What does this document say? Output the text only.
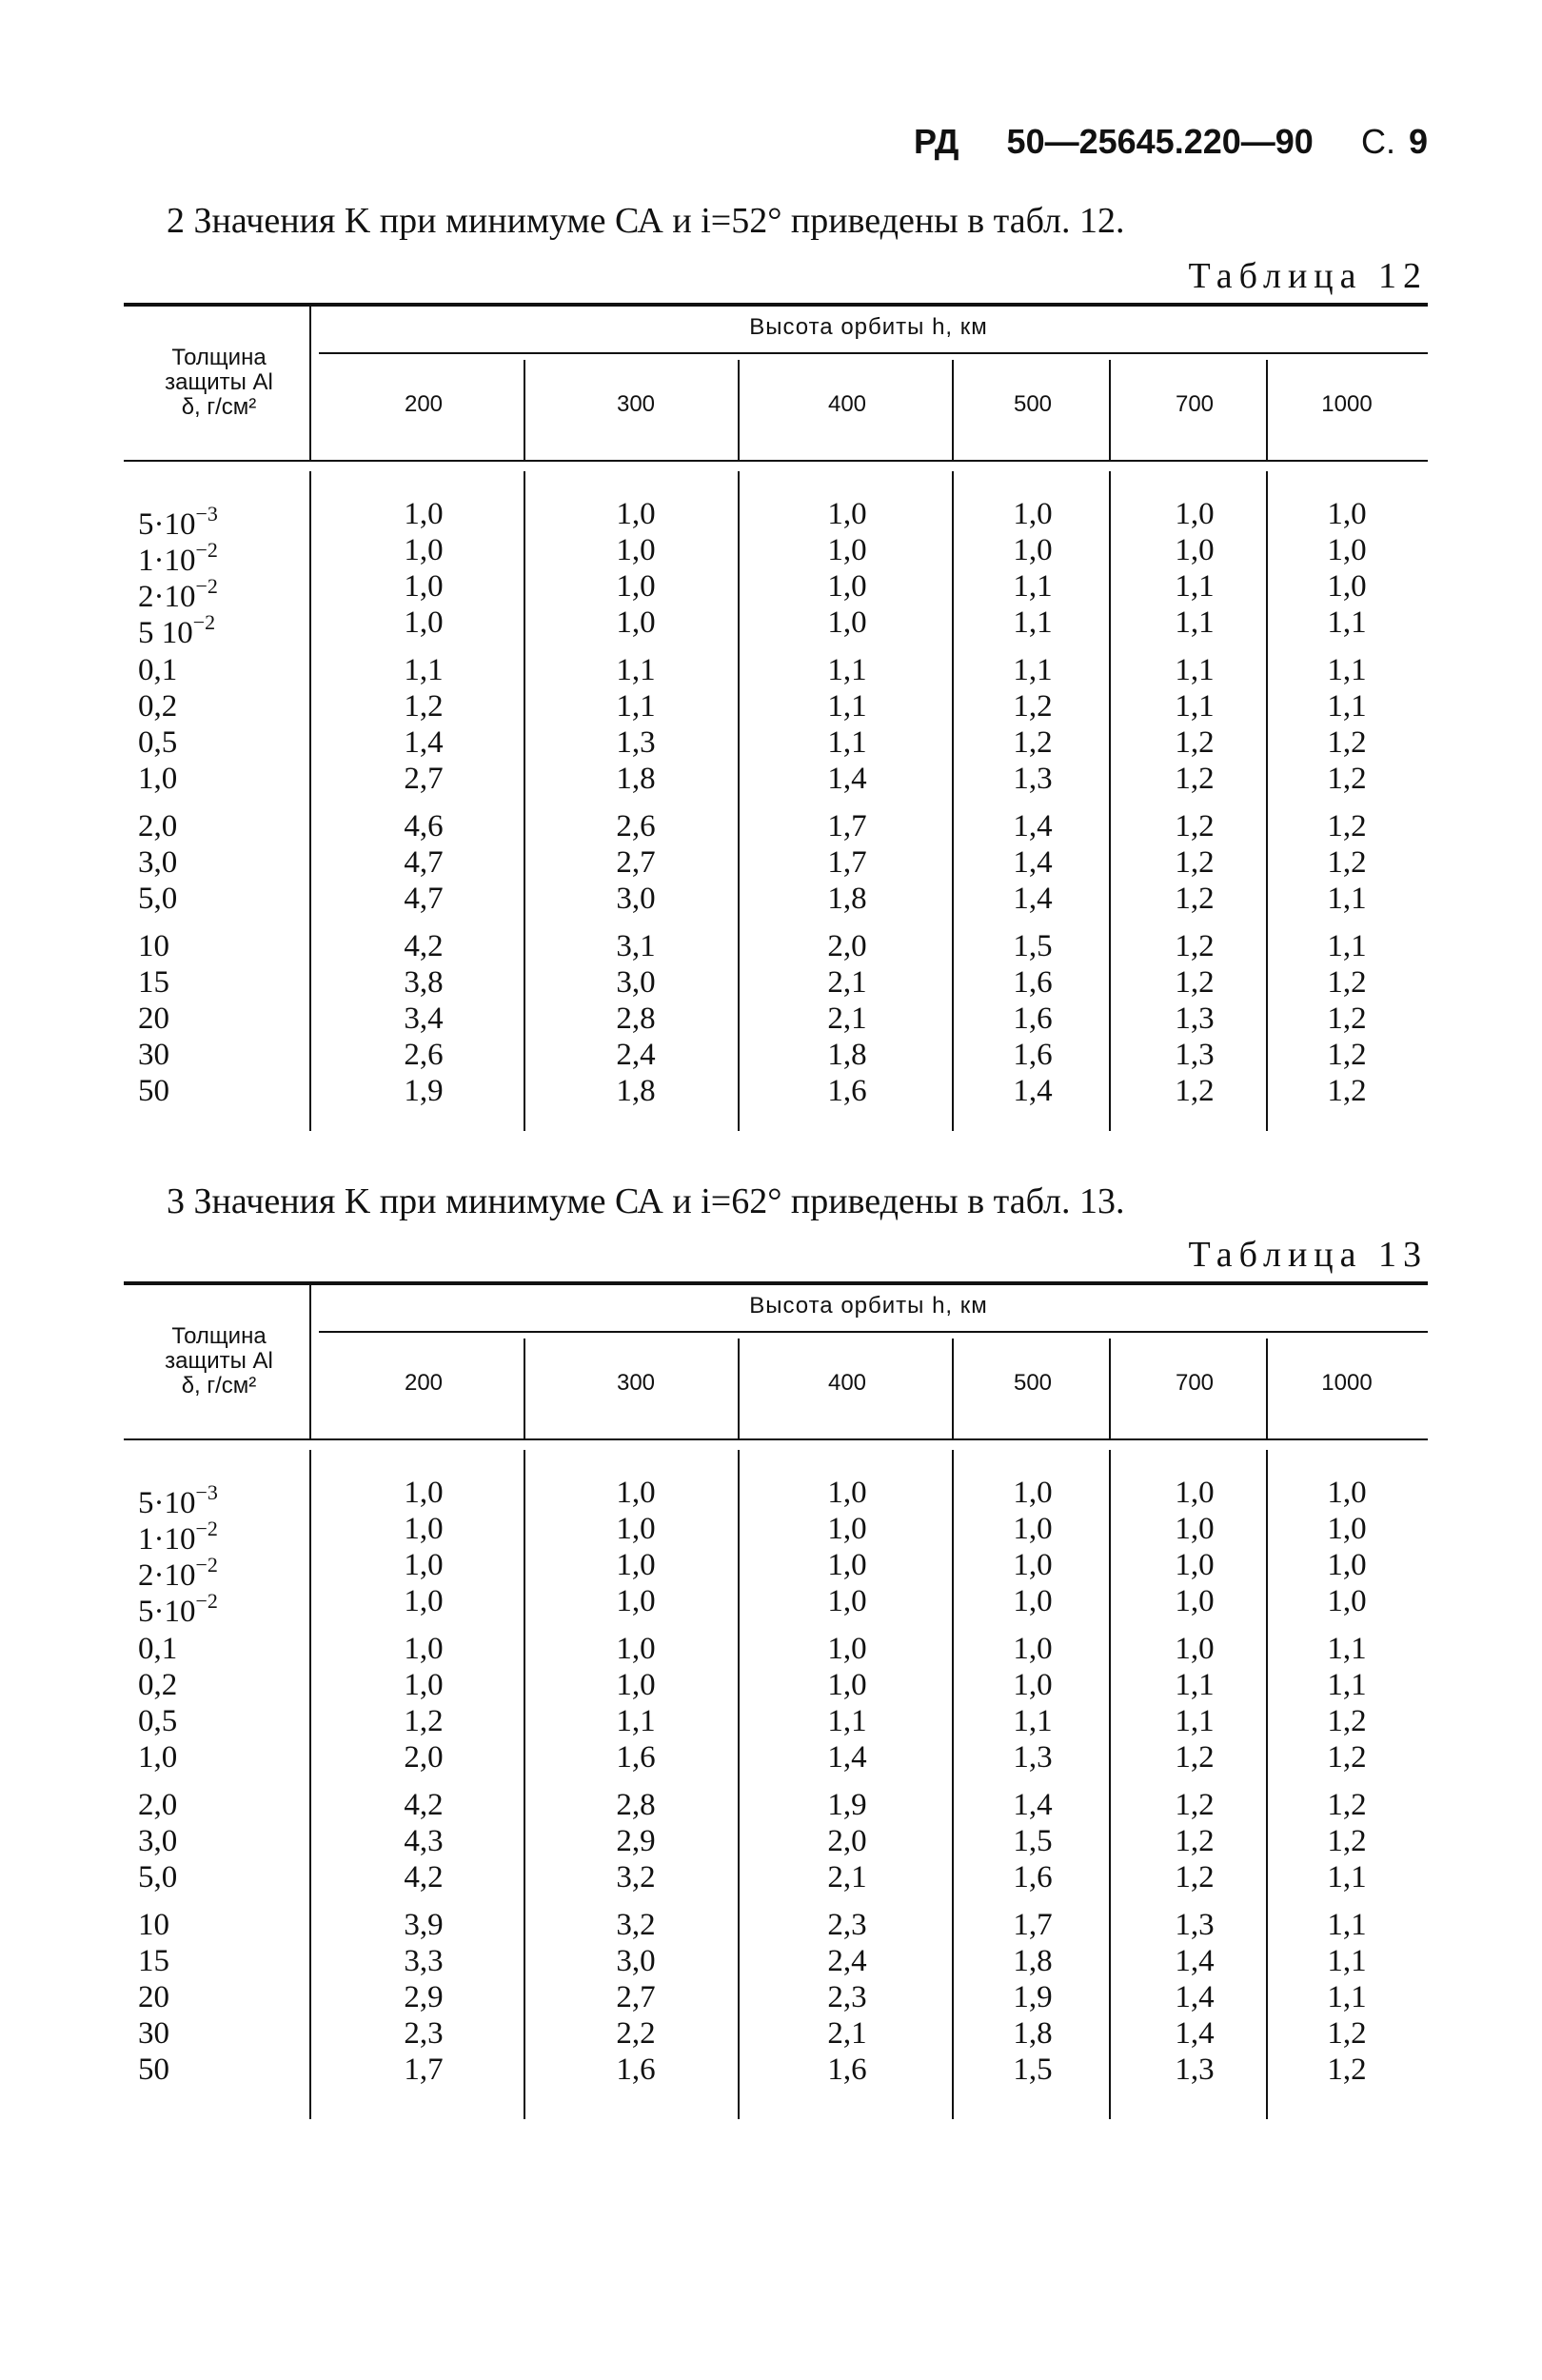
РД 50—25645.220—90 С. 9
2 Значения K при минимуме СА и i=52° приведены в табл. 12.
Таблица 12
Толщина
защиты Al
δ, г/см²
Высота орбиты h, км
200	300	400	500	700	1000
$5\cdot 10^{-3}$	1,0	1,0	1,0	1,0	1,0	1,0
$1\cdot 10^{-2}$	1,0	1,0	1,0	1,0	1,0	1,0
$2\cdot 10^{-2}$	1,0	1,0	1,0	1,1	1,1	1,0
5 $10^{-2}$	1,0	1,0	1,0	1,1	1,1	1,1
0,1	1,1	1,1	1,1	1,1	1,1	1,1
0,2	1,2	1,1	1,1	1,2	1,1	1,1
0,5	1,4	1,3	1,1	1,2	1,2	1,2
1,0	2,7	1,8	1,4	1,3	1,2	1,2
2,0	4,6	2,6	1,7	1,4	1,2	1,2
3,0	4,7	2,7	1,7	1,4	1,2	1,2
5,0	4,7	3,0	1,8	1,4	1,2	1,1
10	4,2	3,1	2,0	1,5	1,2	1,1
15	3,8	3,0	2,1	1,6	1,2	1,2
20	3,4	2,8	2,1	1,6	1,3	1,2
30	2,6	2,4	1,8	1,6	1,3	1,2
50	1,9	1,8	1,6	1,4	1,2	1,2
3 Значения K при минимуме СА и i=62° приведены в табл. 13.
Таблица 13
Толщина
защиты Al
δ, г/см²
Высота орбиты h, км
200	300	400	500	700	1000
$5\cdot 10^{-3}$	1,0	1,0	1,0	1,0	1,0	1,0
$1\cdot 10^{-2}$	1,0	1,0	1,0	1,0	1,0	1,0
$2\cdot 10^{-2}$	1,0	1,0	1,0	1,0	1,0	1,0
$5\cdot 10^{-2}$	1,0	1,0	1,0	1,0	1,0	1,0
0,1	1,0	1,0	1,0	1,0	1,0	1,1
0,2	1,0	1,0	1,0	1,0	1,1	1,1
0,5	1,2	1,1	1,1	1,1	1,1	1,2
1,0	2,0	1,6	1,4	1,3	1,2	1,2
2,0	4,2	2,8	1,9	1,4	1,2	1,2
3,0	4,3	2,9	2,0	1,5	1,2	1,2
5,0	4,2	3,2	2,1	1,6	1,2	1,1
10	3,9	3,2	2,3	1,7	1,3	1,1
15	3,3	3,0	2,4	1,8	1,4	1,1
20	2,9	2,7	2,3	1,9	1,4	1,1
30	2,3	2,2	2,1	1,8	1,4	1,2
50	1,7	1,6	1,6	1,5	1,3	1,2
